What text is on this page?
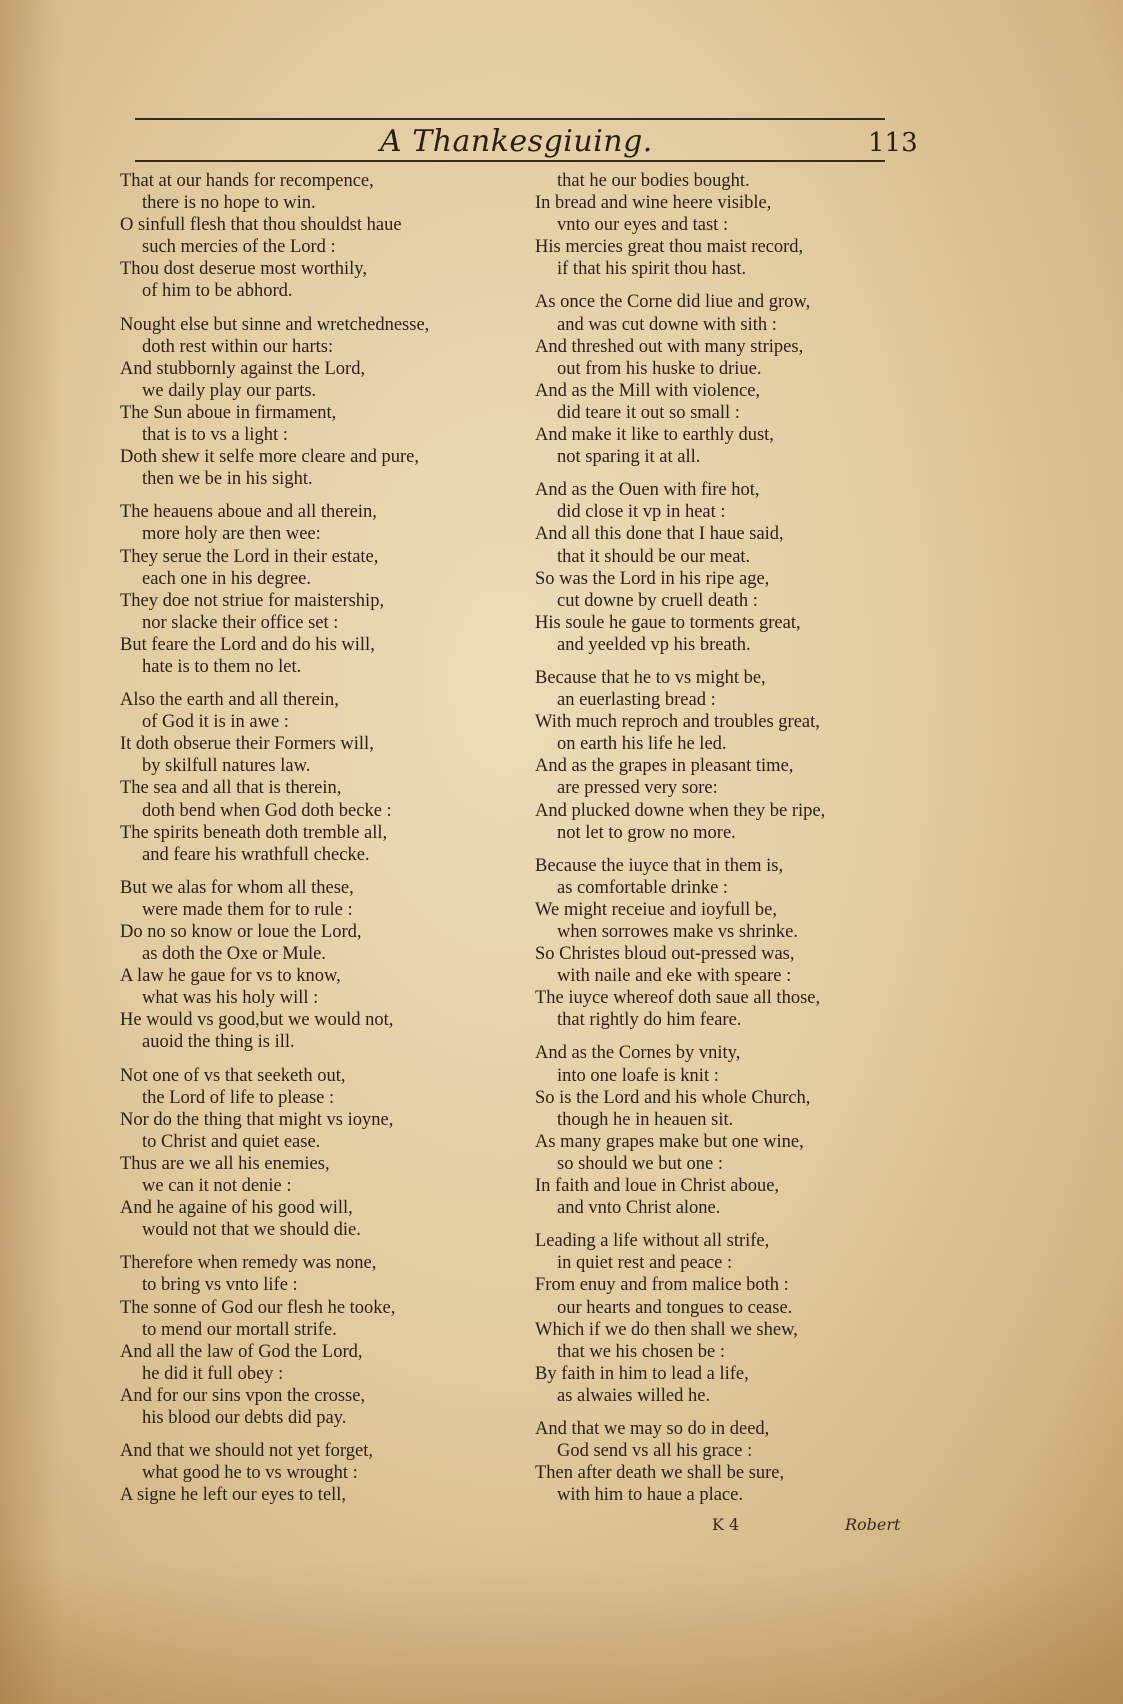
A Thankesgiuing.	113
That at our hands for recompence,
there is no hope to win.
O sinfull flesh that thou shouldst haue
such mercies of the Lord :
Thou dost deserue most worthily,
of him to be abhord.
Nought else but sinne and wretchednesse,
doth rest within our harts:
And stubbornly against the Lord,
we daily play our parts.
The Sun aboue in firmament,
that is to vs a light :
Doth shew it selfe more cleare and pure,
then we be in his sight.
The heauens aboue and all therein,
more holy are then wee:
They serue the Lord in their estate,
each one in his degree.
They doe not striue for maistership,
nor slacke their office set :
But feare the Lord and do his will,
hate is to them no let.
Also the earth and all therein,
of God it is in awe :
It doth obserue their Formers will,
by skilfull natures law.
The sea and all that is therein,
doth bend when God doth becke :
The spirits beneath doth tremble all,
and feare his wrathfull checke.
But we alas for whom all these,
were made them for to rule :
Do no so know or loue the Lord,
as doth the Oxe or Mule.
A law he gaue for vs to know,
what was his holy will :
He would vs good,but we would not,
auoid the thing is ill.
Not one of vs that seeketh out,
the Lord of life to please :
Nor do the thing that might vs ioyne,
to Christ and quiet ease.
Thus are we all his enemies,
we can it not denie :
And he againe of his good will,
would not that we should die.
Therefore when remedy was none,
to bring vs vnto life :
The sonne of God our flesh he tooke,
to mend our mortall strife.
And all the law of God the Lord,
he did it full obey :
And for our sins vpon the crosse,
his blood our debts did pay.
And that we should not yet forget,
what good he to vs wrought :
A signe he left our eyes to tell,
that he our bodies bought.
In bread and wine heere visible,
vnto our eyes and tast :
His mercies great thou maist record,
if that his spirit thou hast.
As once the Corne did liue and grow,
and was cut downe with sith :
And threshed out with many stripes,
out from his huske to driue.
And as the Mill with violence,
did teare it out so small :
And make it like to earthly dust,
not sparing it at all.
And as the Ouen with fire hot,
did close it vp in heat :
And all this done that I haue said,
that it should be our meat.
So was the Lord in his ripe age,
cut downe by cruell death :
His soule he gaue to torments great,
and yeelded vp his breath.
Because that he to vs might be,
an euerlasting bread :
With much reproch and troubles great,
on earth his life he led.
And as the grapes in pleasant time,
are pressed very sore:
And plucked downe when they be ripe,
not let to grow no more.
Because the iuyce that in them is,
as comfortable drinke :
We might receiue and ioyfull be,
when sorrowes make vs shrinke.
So Christes bloud out-pressed was,
with naile and eke with speare :
The iuyce whereof doth saue all those,
that rightly do him feare.
And as the Cornes by vnity,
into one loafe is knit :
So is the Lord and his whole Church,
though he in heauen sit.
As many grapes make but one wine,
so should we but one :
In faith and loue in Christ aboue,
and vnto Christ alone.
Leading a life without all strife,
in quiet rest and peace :
From enuy and from malice both :
our hearts and tongues to cease.
Which if we do then shall we shew,
that we his chosen be :
By faith in him to lead a life,
as alwaies willed he.
And that we may so do in deed,
God send vs all his grace :
Then after death we shall be sure,
with him to haue a place.
K 4	Robert
